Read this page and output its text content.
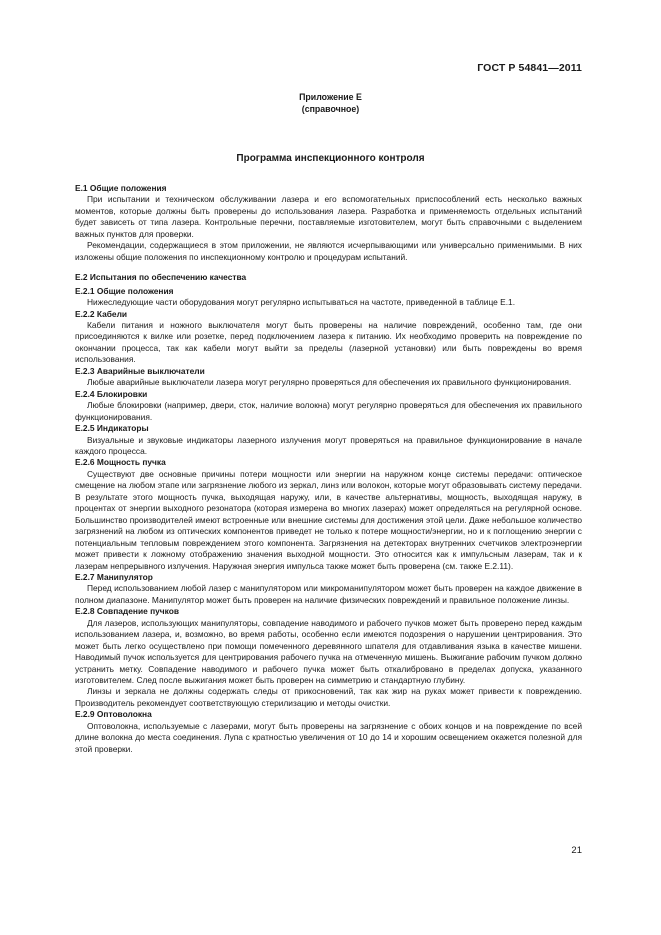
ГОСТ Р 54841—2011
Приложение Е
(справочное)
Программа инспекционного контроля
Е.1 Общие положения

При испытании и техническом обслуживании лазера и его вспомогательных приспособлений есть несколько важных моментов, которые должны быть проверены до использования лазера. Разработка и применяемость отдельных испытаний будет зависеть от типа лазера. Контрольные перечни, поставляемые изготовителем, могут быть справочными с выделением важных пунктов для проверки.

Рекомендации, содержащиеся в этом приложении, не являются исчерпывающими или универсально применимыми. В них изложены общие положения по инспекционному контролю и процедурам испытаний.

Е.2 Испытания по обеспечению качества
Е.2.1 Общие положения

Нижеследующие части оборудования могут регулярно испытываться на частоте, приведенной в таблице Е.1.

Е.2.2 Кабели

Кабели питания и ножного выключателя могут быть проверены на наличие повреждений, особенно там, где они присоединяются к вилке или розетке, перед подключением лазера к питанию. Их необходимо проверить на повреждение по окончании процесса, так как кабели могут выйти за пределы (лазерной установки) или быть повреждены во время использования.

Е.2.3 Аварийные выключатели

Любые аварийные выключатели лазера могут регулярно проверяться для обеспечения их правильного функционирования.

Е.2.4 Блокировки

Любые блокировки (например, двери, сток, наличие волокна) могут регулярно проверяться для обеспечения их правильного функционирования.

Е.2.5 Индикаторы

Визуальные и звуковые индикаторы лазерного излучения могут проверяться на правильное функционирование в начале каждого процесса.

Е.2.6 Мощность пучка

Существуют две основные причины потери мощности или энергии на наружном конце системы передачи: оптическое смещение на любом этапе или загрязнение любого из зеркал, линз или волокон, которые могут образовывать систему передачи. В результате этого мощность пучка, выходящая наружу, или, в качестве альтернативы, мощность, выходящая наружу, в процентах от энергии выходного резонатора (которая измерена во многих лазерах) может определяться на регулярной основе. Большинство производителей имеют встроенные или внешние системы для достижения этой цели. Даже небольшое количество загрязнений на любом из оптических компонентов приведет не только к потере мощности/энергии, но и к поглощению энергии с потенциальным тепловым повреждением этого компонента. Загрязнения на детекторах внутренних счетчиков электроэнергии может привести к ложному отображению значения выходной мощности. Это относится как к импульсным лазерам, так и к лазерам непрерывного излучения. Наружная энергия импульса также может быть проверена (см. также Е.2.11).

Е.2.7 Манипулятор

Перед использованием любой лазер с манипулятором или микроманипулятором может быть проверен на каждое движение в полном диапазоне. Манипулятор может быть проверен на наличие физических повреждений и правильное положение линзы.

Е.2.8 Совпадение пучков

Для лазеров, использующих манипуляторы, совпадение наводимого и рабочего пучков может быть проверено перед каждым использованием лазера, и, возможно, во время работы, особенно если имеются подозрения о нарушении центрирования. Это может быть легко осуществлено при помощи помеченного деревянного шпателя для отдавливания языка в качестве мишени. Наводимый пучок используется для центрирования рабочего пучка на отмеченную мишень. Выжигание рабочим пучком должно устранить метку. Совпадение наводимого и рабочего пучка может быть откалибровано в пределах допуска, указанного изготовителем. След после выжигания может быть проверен на симметрию и стандартную глубину.

Линзы и зеркала не должны содержать следы от прикосновений, так как жир на руках может привести к повреждению. Производитель рекомендует соответствующую стерилизацию и методы очистки.

Е.2.9 Оптоволокна

Оптоволокна, используемые с лазерами, могут быть проверены на загрязнение с обоих концов и на повреждение по всей длине волокна до места соединения. Лупа с кратностью увеличения от 10 до 14 и хорошим освещением окажется полезной для этой проверки.

21
